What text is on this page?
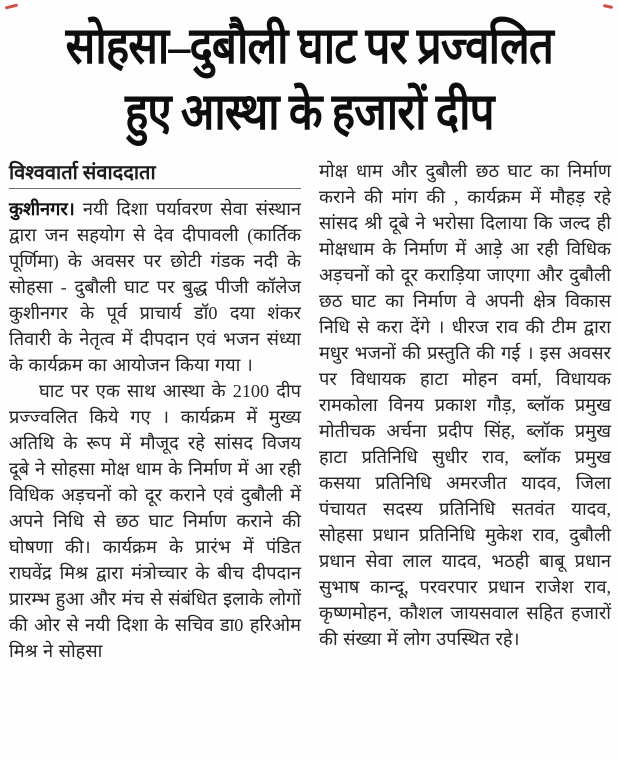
सोहसा–दुबौली घाट पर प्रज्वलित
हुए आस्था के हजारों दीप
विश्ववार्ता संवाददाता

कुशीनगर। नयी दिशा पर्यावरण सेवा संस्थान द्वारा जन सहयोग से देव दीपावली (कार्तिक पूर्णिमा) के अवसर पर छोटी गंडक नदी के सोहसा - दुबौली घाट पर बुद्ध पीजी कॉलेज कुशीनगर के पूर्व प्राचार्य डॉ0 दया शंकर तिवारी के नेतृत्व में दीपदान एवं भजन संध्या के कार्यक्रम का आयोजन किया गया ।

घाट पर एक साथ आस्था के 2100 दीप प्रज्ज्वलित किये गए । कार्यक्रम में मुख्य अतिथि के रूप में मौजूद रहे सांसद विजय दूबे ने सोहसा मोक्ष धाम के निर्माण में आ रही विधिक अड़चनों को दूर कराने एवं दुबौली में अपने निधि से छठ घाट निर्माण कराने की घोषणा की। कार्यक्रम के प्रारंभ में पंडित राघवेंद्र मिश्र द्वारा मंत्रोच्चार के बीच दीपदान प्रारम्भ हुआ और मंच से संबंधित इलाके लोगों की ओर से नयी दिशा के सचिव डा0 हरिओम मिश्र ने सोहसा

मोक्ष धाम और दुबौली छठ घाट का निर्माण कराने की मांग की , कार्यक्रम में मौहड़ रहे सांसद श्री दूबे ने भरोसा दिलाया कि जल्द ही मोक्षधाम के निर्माण में आड़े आ रही विधिक अड़चनों को दूर कराड़िया जाएगा और दुबौली छठ घाट का निर्माण वे अपनी क्षेत्र विकास निधि से करा देंगे । धीरज राव की टीम द्वारा मधुर भजनों की प्रस्तुति की गई । इस अवसर पर विधायक हाटा मोहन वर्मा, विधायक रामकोला विनय प्रकाश गौड़, ब्लॉक प्रमुख मोतीचक अर्चना प्रदीप सिंह, ब्लॉक प्रमुख हाटा प्रतिनिधि सुधीर राव, ब्लॉक प्रमुख कसया प्रतिनिधि अमरजीत यादव, जिला पंचायत सदस्य प्रतिनिधि सतवंत यादव, सोहसा प्रधान प्रतिनिधि मुकेश राव, दुबौली प्रधान सेवा लाल यादव, भठही बाबू प्रधान सुभाष कान्दू, परवरपार प्रधान राजेश राव, कृष्णमोहन, कौशल जायसवाल सहित हजारों की संख्या में लोग उपस्थित रहे।
